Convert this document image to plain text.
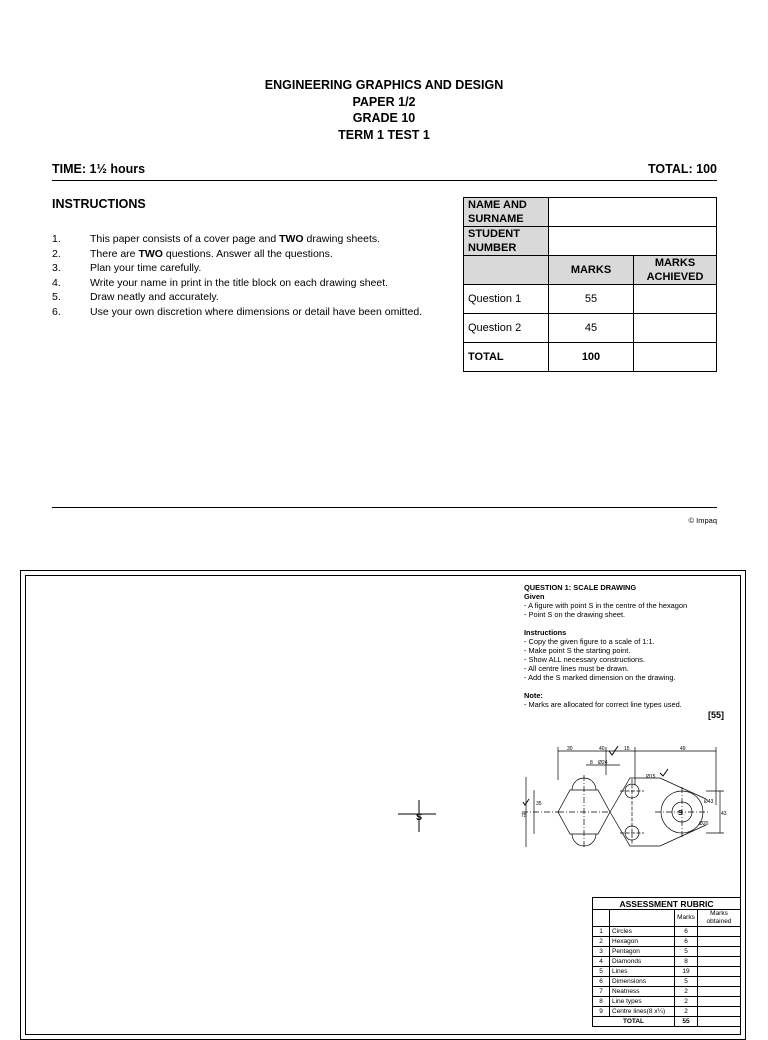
ENGINEERING GRAPHICS AND DESIGN
PAPER 1/2
GRADE 10
TERM 1 TEST 1
TIME: 1½ hours	TOTAL: 100
INSTRUCTIONS
1.	This paper consists of a cover page and TWO drawing sheets.
2.	There are TWO questions. Answer all the questions.
3.	Plan your time carefully.
4.	Write your name in print in the title block on each drawing sheet.
5.	Draw neatly and accurately.
6.	Use your own discretion where dimensions or detail have been omitted.
NAME AND SURNAME		
STUDENT NUMBER		
	MARKS	MARKS ACHIEVED
Question 1	55	
Question 2	45	
TOTAL	100	
© Impaq
S
QUESTION 1: SCALE DRAWING
Given
- A figure with point S in the centre of the hexagon
- Point S on the drawing sheet.
Instructions
- Copy the given figure to a scale of 1:1.
- Make point S the starting point.
- Show ALL necessary constructions.
- All centre lines must be drawn.
- Add the S marked dimension on the drawing.
Note:
- Marks are allocated for correct line types used.
[55]
30	40	15	49
8 Ø24
Ø15
Ø43
43
Ø20
75
35
S
ASSESSMENT RUBRIC			
		Marks	Marks obtained
1	Circles	6	
2	Hexagon	6	
3	Pentagon	5	
4	Diamonds	8	
5	Lines	19	
6	Dimensions	5	
7	Neatness	2	
8	Line types	2	
9	Centre lines(8 x¼)	2	
TOTAL		55	
